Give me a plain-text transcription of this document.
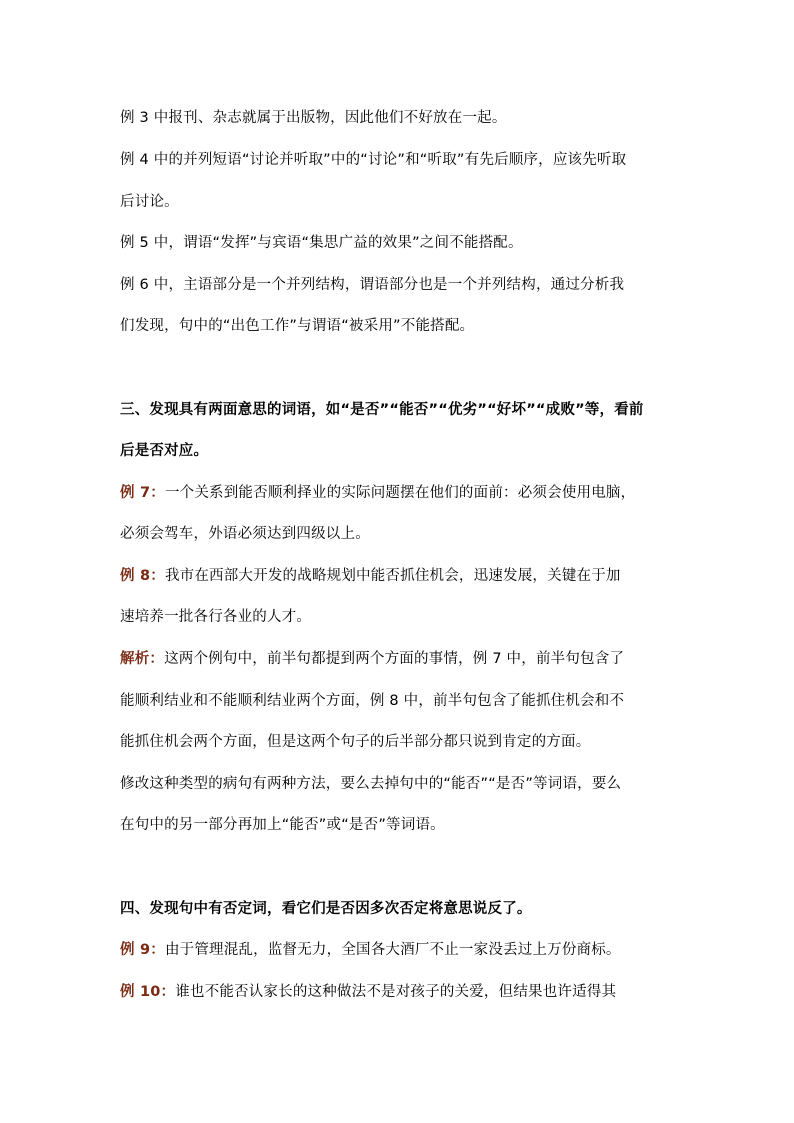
例 3 中报刊、杂志就属于出版物，因此他们不好放在一起。
例 4 中的并列短语“讨论并听取”中的“讨论”和“听取”有先后顺序，应该先听取
后讨论。
例 5 中，谓语“发挥”与宾语“集思广益的效果”之间不能搭配。
例 6 中，主语部分是一个并列结构，谓语部分也是一个并列结构，通过分析我
们发现，句中的“出色工作”与谓语“被采用”不能搭配。
三、发现具有两面意思的词语，如“是否”“能否”“优劣”“好坏”“成败”等，看前
后是否对应。
例 7：一个关系到能否顺利择业的实际问题摆在他们的面前：必须会使用电脑，
必须会驾车，外语必须达到四级以上。
例 8：我市在西部大开发的战略规划中能否抓住机会，迅速发展，关键在于加
速培养一批各行各业的人才。
解析：这两个例句中，前半句都提到两个方面的事情，例 7 中，前半句包含了
能顺利结业和不能顺利结业两个方面，例 8 中，前半句包含了能抓住机会和不
能抓住机会两个方面，但是这两个句子的后半部分都只说到肯定的方面。
修改这种类型的病句有两种方法，要么去掉句中的“能否”“是否”等词语，要么
在句中的另一部分再加上“能否”或“是否”等词语。
四、发现句中有否定词，看它们是否因多次否定将意思说反了。
例 9：由于管理混乱，监督无力，全国各大酒厂不止一家没丢过上万份商标。
例 10：谁也不能否认家长的这种做法不是对孩子的关爱，但结果也许适得其
